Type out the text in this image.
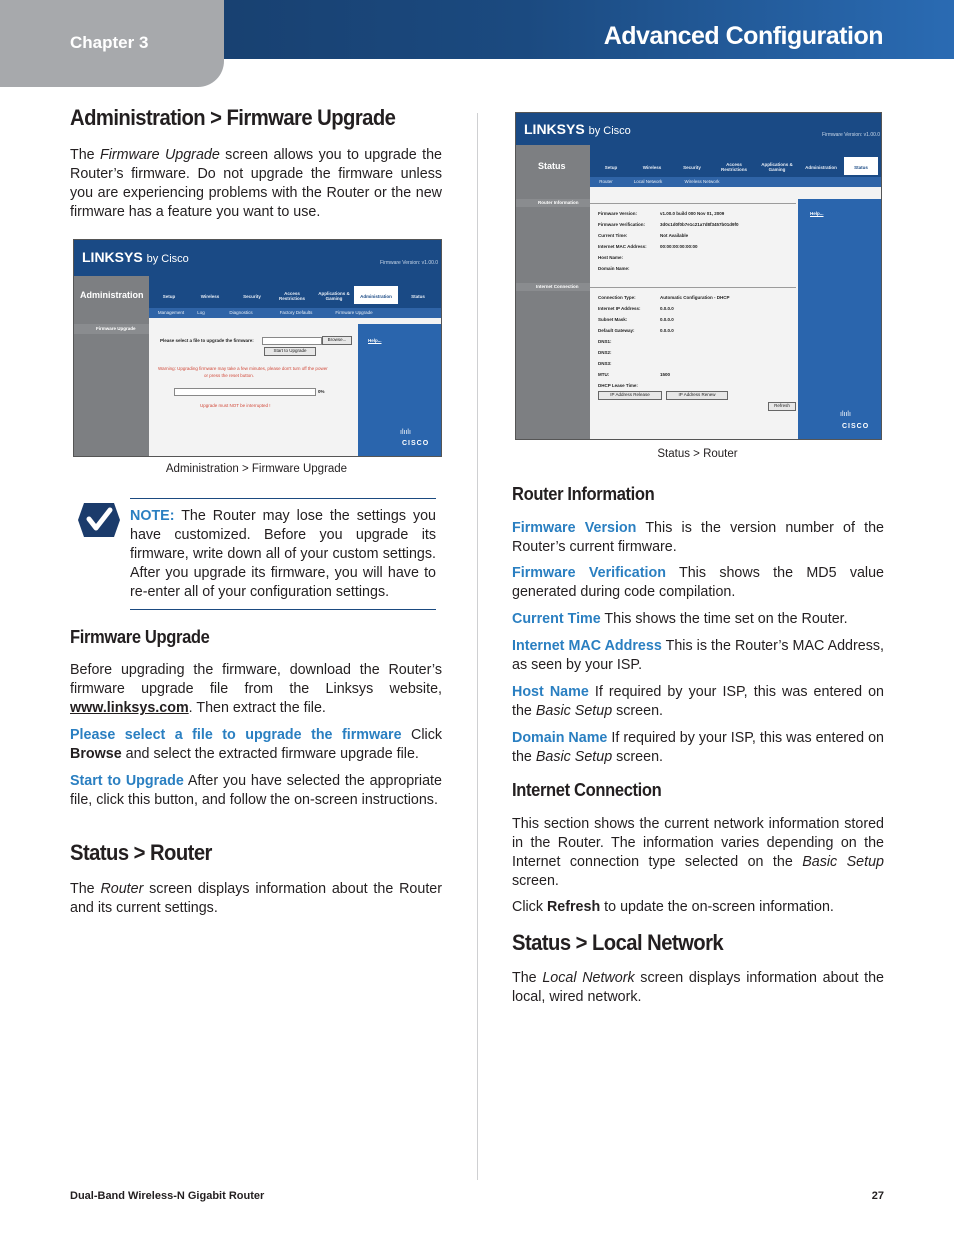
Chapter 3	Advanced Configuration
Administration > Firmware Upgrade

The Firmware Upgrade screen allows you to upgrade the Router’s firmware. Do not upgrade the firmware unless you are experiencing problems with the Router or the new firmware has a feature you want to use.

LINKSYS by Cisco	Firmware Version: v1.00.0
Administration	Setup	Wireless	Security
Access Restrictions
Applications & Gaming	Administration	Status
Management	Log	Diagnostics	Factory Defaults	Firmware Upgrade
Firmware Upgrade
Help...
Please select a file to upgrade the firmware:	Browse...
Start to Upgrade
Warning: Upgrading firmware may take a few minutes, please don't turn off the power
or press the reset button.
0%
Upgrade must NOT be interrupted !
ılıılı
CISCO
Administration > Firmware Upgrade

NOTE: The Router may lose the settings you have customized. Before you upgrade its firmware, write down all of your custom settings. After you upgrade its firmware, you will have to re-enter all of your configuration settings.

Firmware Upgrade

Before upgrading the firmware, download the Router’s firmware upgrade file from the Linksys website, www.linksys.com. Then extract the file.

Please select a file to upgrade the firmware Click Browse and select the extracted firmware upgrade file.

Start to Upgrade After you have selected the appropriate file, click this button, and follow the on-screen instructions.

Status > Router

The Router screen displays information about the Router and its current settings.

LINKSYS by Cisco	Firmware Version: v1.00.0
Status	Setup	Wireless	Security
Access Restrictions
Applications & Gaming	Administration	Status
Router	Local Network	Wireless Network
Router Information
Help...
Firmware Version:	v1.00.0 build 000 Nov 01, 2009
Firmware Verification:	3d0c1d0f0b7e1c21a7d8f3457b01d9f0
Current Time:	Not Available
Internet MAC Address:	00:00:00:00:00:00
Host Name:
Domain Name:
Internet Connection
Connection Type:	Automatic Configuration - DHCP
Internet IP Address:	0.0.0.0
Subnet Mask:	0.0.0.0
Default Gateway:	0.0.0.0
DNS1:
DNS2:
DNS3:
MTU:	1500
DHCP Lease Time:
IP Address Release	IP Address Renew
Refresh
ılıılı
CISCO
Status > Router
Router Information

Firmware Version This is the version number of the Router’s current firmware.

Firmware Verification This shows the MD5 value generated during code compilation.

Current Time This shows the time set on the Router.

Internet MAC Address This is the Router’s MAC Address, as seen by your ISP.

Host Name If required by your ISP, this was entered on the Basic Setup screen.

Domain Name If required by your ISP, this was entered on the Basic Setup screen.

Internet Connection

This section shows the current network information stored in the Router. The information varies depending on the Internet connection type selected on the Basic Setup screen.

Click Refresh to update the on-screen information.

Status > Local Network

The Local Network screen displays information about the local, wired network.

Dual-Band Wireless-N Gigabit Router	27
